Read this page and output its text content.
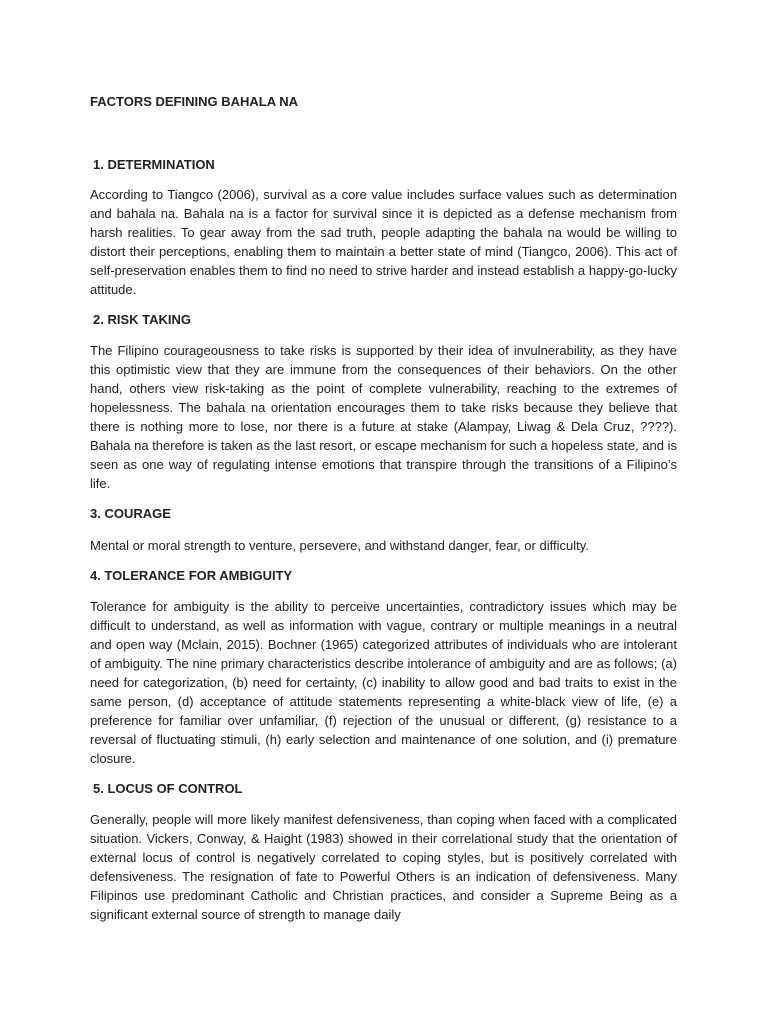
FACTORS DEFINING BAHALA NA

1. DETERMINATION

According to Tiangco (2006), survival as a core value includes surface values such as determination and bahala na. Bahala na is a factor for survival since it is depicted as a defense mechanism from harsh realities. To gear away from the sad truth, people adapting the bahala na would be willing to distort their perceptions, enabling them to maintain a better state of mind (Tiangco, 2006). This act of self-preservation enables them to find no need to strive harder and instead establish a happy-go-lucky attitude.

2. RISK TAKING

The Filipino courageousness to take risks is supported by their idea of invulnerability, as they have this optimistic view that they are immune from the consequences of their behaviors. On the other hand, others view risk-taking as the point of complete vulnerability, reaching to the extremes of hopelessness. The bahala na orientation encourages them to take risks because they believe that there is nothing more to lose, nor there is a future at stake (Alampay, Liwag & Dela Cruz, ????). Bahala na therefore is taken as the last resort, or escape mechanism for such a hopeless state, and is seen as one way of regulating intense emotions that transpire through the transitions of a Filipino’s life.

3. COURAGE

Mental or moral strength to venture, persevere, and withstand danger, fear, or difficulty.

4. TOLERANCE FOR AMBIGUITY

Tolerance for ambiguity is the ability to perceive uncertainties, contradictory issues which may be difficult to understand, as well as information with vague, contrary or multiple meanings in a neutral and open way (Mclain, 2015). Bochner (1965) categorized attributes of individuals who are intolerant of ambiguity. The nine primary characteristics describe intolerance of ambiguity and are as follows; (a) need for categorization, (b) need for certainty, (c) inability to allow good and bad traits to exist in the same person, (d) acceptance of attitude statements representing a white-black view of life, (e) a preference for familiar over unfamiliar, (f) rejection of the unusual or different, (g) resistance to a reversal of fluctuating stimuli, (h) early selection and maintenance of one solution, and (i) premature closure.

5. LOCUS OF CONTROL

Generally, people will more likely manifest defensiveness, than coping when faced with a complicated situation. Vickers, Conway, & Haight (1983) showed in their correlational study that the orientation of external locus of control is negatively correlated to coping styles, but is positively correlated with defensiveness. The resignation of fate to Powerful Others is an indication of defensiveness. Many Filipinos use predominant Catholic and Christian practices, and consider a Supreme Being as a significant external source of strength to manage daily
